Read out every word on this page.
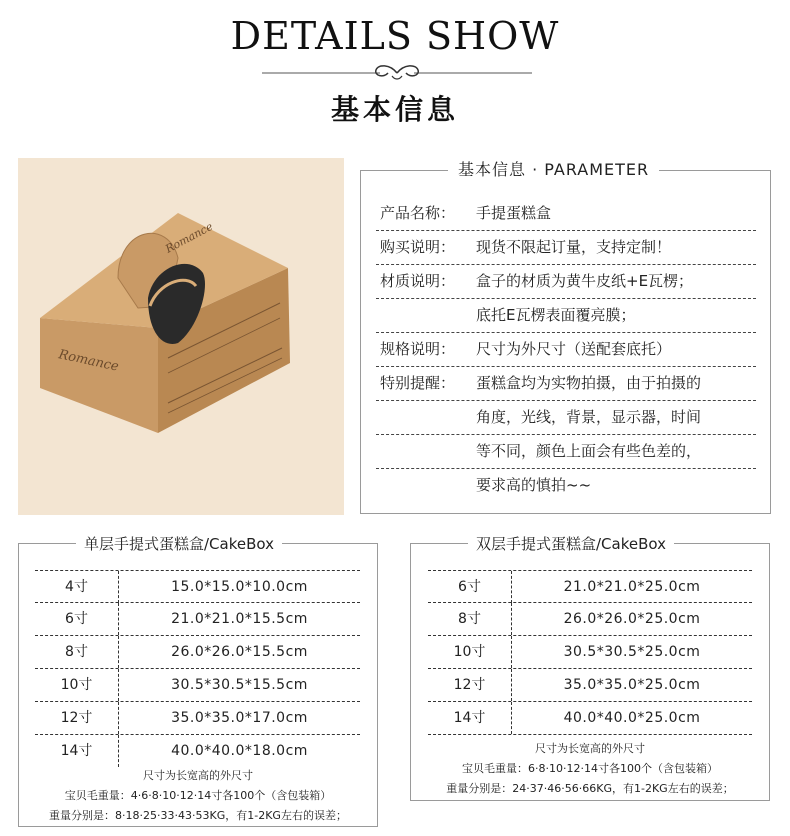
DETAILS SHOW
基本信息
Romance
Romance
基本信息 · PARAMETER
产品名称： 手提蛋糕盒
购买说明： 现货不限起订量，支持定制！
材质说明： 盒子的材质为黄牛皮纸+E瓦楞；
底托E瓦楞表面覆亮膜；
规格说明： 尺寸为外尺寸（送配套底托）
特别提醒： 蛋糕盒均为实物拍摄，由于拍摄的
角度，光线，背景，显示器，时间
等不同，颜色上面会有些色差的，
要求高的慎拍~~
单层手提式蛋糕盒/CakeBox
4寸	15.0*15.0*10.0cm
6寸	21.0*21.0*15.5cm
8寸	26.0*26.0*15.5cm
10寸	30.5*30.5*15.5cm
12寸	35.0*35.0*17.0cm
14寸	40.0*40.0*18.0cm
尺寸为长宽高的外尺寸
宝贝毛重量：4·6·8·10·12·14寸各100个（含包装箱）
重量分别是：8·18·25·33·43·53KG，有1-2KG左右的误差；
双层手提式蛋糕盒/CakeBox
6寸	21.0*21.0*25.0cm
8寸	26.0*26.0*25.0cm
10寸	30.5*30.5*25.0cm
12寸	35.0*35.0*25.0cm
14寸	40.0*40.0*25.0cm
尺寸为长宽高的外尺寸
宝贝毛重量：6·8·10·12·14寸各100个（含包装箱）
重量分别是：24·37·46·56·66KG，有1-2KG左右的误差；
